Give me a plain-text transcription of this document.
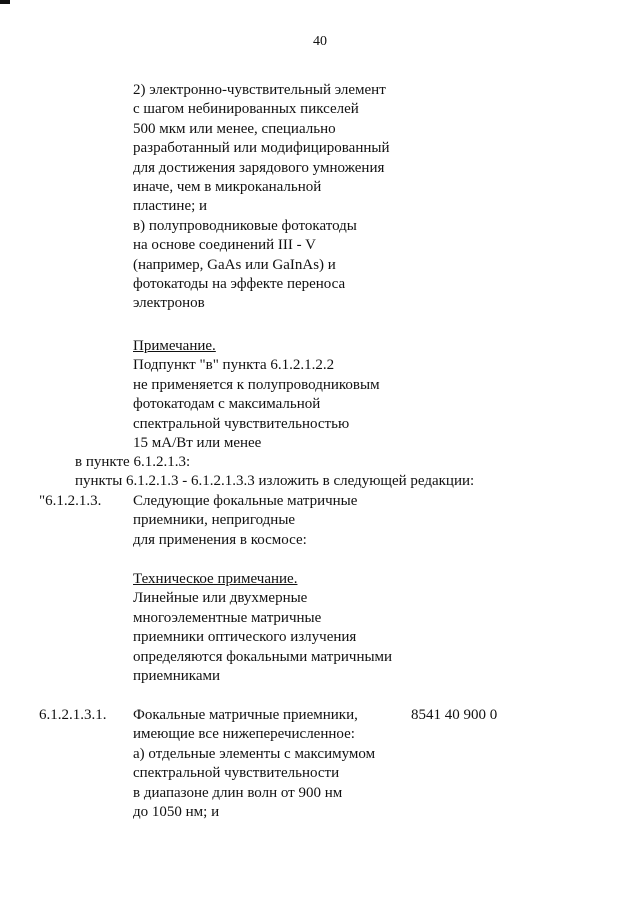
40
2) электронно-чувствительный элемент
с шагом небинированных пикселей
500 мкм или менее, специально
разработанный или модифицированный
для достижения зарядового умножения
иначе, чем в микроканальной
пластине; и
в) полупроводниковые фотокатоды
на основе соединений III - V
(например, GaAs или GaInAs) и
фотокатоды на эффекте переноса
электронов
Примечание.
Подпункт "в" пункта 6.1.2.1.2.2
не применяется к полупроводниковым
фотокатодам с максимальной
спектральной чувствительностью
15 мА/Вт или менее
в пункте 6.1.2.1.3:
пункты 6.1.2.1.3 - 6.1.2.1.3.3 изложить в следующей редакции:
"6.1.2.1.3. Следующие фокальные матричные
приемники, непригодные
для применения в космосе:
Техническое примечание.
Линейные или двухмерные
многоэлементные матричные
приемники оптического излучения
определяются фокальными матричными
приемниками
6.1.2.1.3.1. Фокальные матричные приемники,
имеющие все нижеперечисленное:
а) отдельные элементы с максимумом
спектральной чувствительности
в диапазоне длин волн от 900 нм
до 1050 нм; и
8541 40 900 0
